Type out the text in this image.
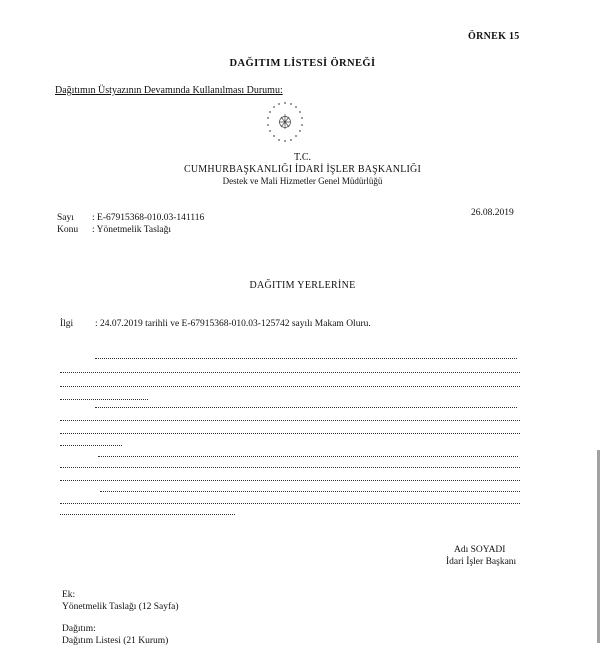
ÖRNEK 15
DAĞITIM LİSTESİ ÖRNEĞİ
Dağıtımın Üstyazının Devamında Kullanılması Durumu:
T.C.
CUMHURBAŞKANLIĞI İDARİ İŞLER BAŞKANLIĞI
Destek ve Mali Hizmetler Genel Müdürlüğü
Sayı : E-67915368-010.03-141116
Konu : Yönetmelik Taslağı
26.08.2019
DAĞITIM YERLERİNE
İlgi : 24.07.2019 tarihli ve E-67915368-010.03-125742 sayılı Makam Oluru.
Adı SOYADI
İdari İşler Başkanı
Ek:
Yönetmelik Taslağı (12 Sayfa)
Dağıtım:
Dağıtım Listesi (21 Kurum)
